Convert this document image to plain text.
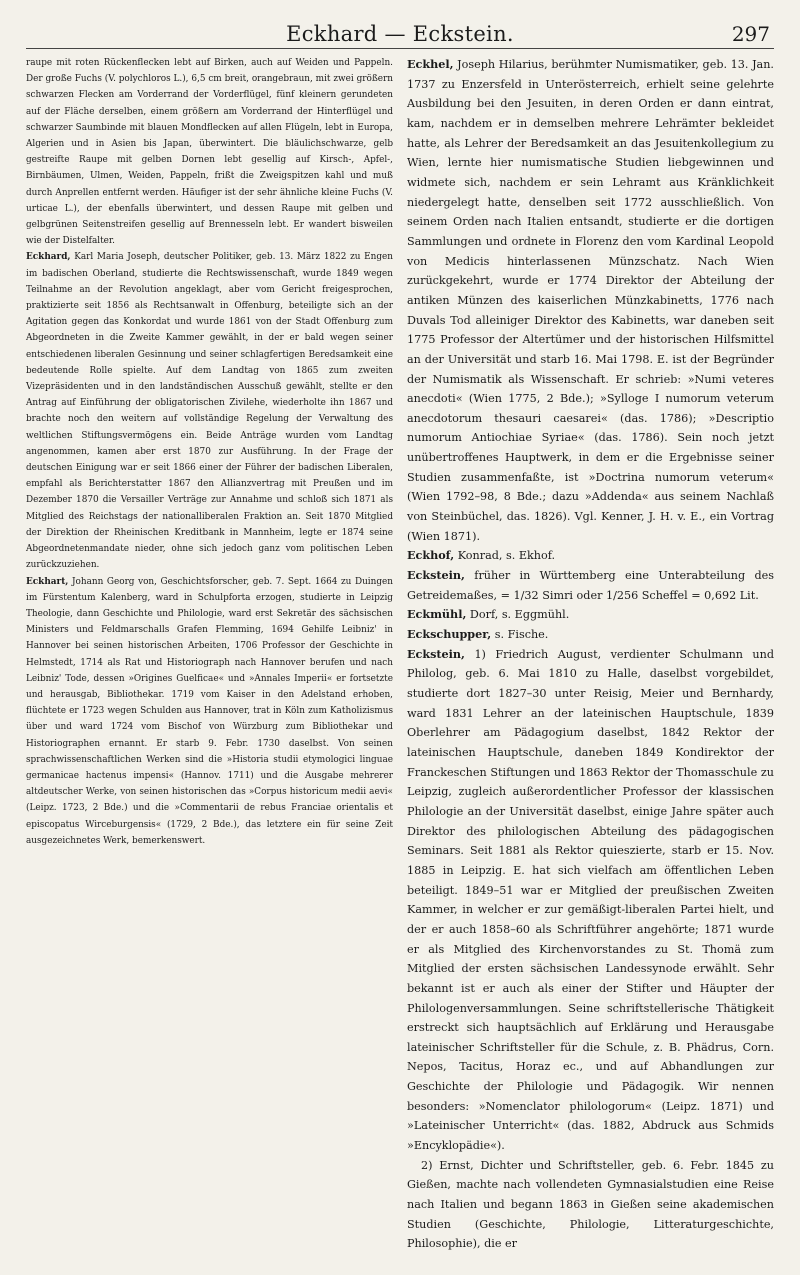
Eckhard — Eckstein.	297

raupe mit roten Rückenflecken lebt auf Birken, auch auf Weiden und Pappeln. Der große Fuchs (V. polychloros L.), 6,5 cm breit, orangebraun, mit zwei größern schwarzen Flecken am Vorderrand der Vorderflügel, fünf kleinern gerundeten auf der Fläche derselben, einem größern am Vorderrand der Hinterflügel und schwarzer Saumbinde mit blauen Mondflecken auf allen Flügeln, lebt in Europa, Algerien und in Asien bis Japan, überwintert. Die bläulichschwarze, gelb gestreifte Raupe mit gelben Dornen lebt gesellig auf Kirsch-, Apfel-, Birnbäumen, Ulmen, Weiden, Pappeln, frißt die Zweigspitzen kahl und muß durch Anprellen entfernt werden. Häufiger ist der sehr ähnliche kleine Fuchs (V. urticae L.), der ebenfalls überwintert, und dessen Raupe mit gelben und gelbgrünen Seitenstreifen gesellig auf Brennesseln lebt. Er wandert bisweilen wie der Distelfalter.

Eckhard, Karl Maria Joseph, deutscher Politiker, geb. 13. März 1822 zu Engen im badischen Oberland, studierte die Rechtswissenschaft, wurde 1849 wegen Teilnahme an der Revolution angeklagt, aber vom Gericht freigesprochen, praktizierte seit 1856 als Rechtsanwalt in Offenburg, beteiligte sich an der Agitation gegen das Konkordat und wurde 1861 von der Stadt Offenburg zum Abgeordneten in die Zweite Kammer gewählt, in der er bald wegen seiner entschiedenen liberalen Gesinnung und seiner schlagfertigen Beredsamkeit eine bedeutende Rolle spielte. Auf dem Landtag von 1865 zum zweiten Vizepräsidenten und in den landständischen Ausschuß gewählt, stellte er den Antrag auf Einführung der obligatorischen Zivilehe, wiederholte ihn 1867 und brachte noch den weitern auf vollständige Regelung der Verwaltung des weltlichen Stiftungsvermögens ein. Beide Anträge wurden vom Landtag angenommen, kamen aber erst 1870 zur Ausführung. In der Frage der deutschen Einigung war er seit 1866 einer der Führer der badischen Liberalen, empfahl als Berichterstatter 1867 den Allianzvertrag mit Preußen und im Dezember 1870 die Versailler Verträge zur Annahme und schloß sich 1871 als Mitglied des Reichstags der nationalliberalen Fraktion an. Seit 1870 Mitglied der Direktion der Rheinischen Kreditbank in Mannheim, legte er 1874 seine Abgeordnetenmandate nieder, ohne sich jedoch ganz vom politischen Leben zurückzuziehen.

Eckhart, Johann Georg von, Geschichtsforscher, geb. 7. Sept. 1664 zu Duingen im Fürstentum Kalenberg, ward in Schulpforta erzogen, studierte in Leipzig Theologie, dann Geschichte und Philologie, ward erst Sekretär des sächsischen Ministers und Feldmarschalls Grafen Flemming, 1694 Gehilfe Leibniz' in Hannover bei seinen historischen Arbeiten, 1706 Professor der Geschichte in Helmstedt, 1714 als Rat und Historiograph nach Hannover berufen und nach Leibniz' Tode, dessen »Origines Guelficae« und »Annales Imperii« er fortsetzte und herausgab, Bibliothekar. 1719 vom Kaiser in den Adelstand erhoben, flüchtete er 1723 wegen Schulden aus Hannover, trat in Köln zum Katholizismus über und ward 1724 vom Bischof von Würzburg zum Bibliothekar und Historiographen ernannt. Er starb 9. Febr. 1730 daselbst. Von seinen sprachwissenschaftlichen Werken sind die »Historia studii etymologici linguae germanicae hactenus impensi« (Hannov. 1711) und die Ausgabe mehrerer altdeutscher Werke, von seinen historischen das »Corpus historicum medii aevi« (Leipz. 1723, 2 Bde.) und die »Commentarii de rebus Franciae orientalis et episcopatus Wirceburgensis« (1729, 2 Bde.), das letztere ein für seine Zeit ausgezeichnetes Werk, bemerkenswert.

Eckhel, Joseph Hilarius, berühmter Numismatiker, geb. 13. Jan. 1737 zu Enzersfeld in Unterösterreich, erhielt seine gelehrte Ausbildung bei den Jesuiten, in deren Orden er dann eintrat, kam, nachdem er in demselben mehrere Lehrämter bekleidet hatte, als Lehrer der Beredsamkeit an das Jesuitenkollegium zu Wien, lernte hier numismatische Studien liebgewinnen und widmete sich, nachdem er sein Lehramt aus Kränklichkeit niedergelegt hatte, denselben seit 1772 ausschließlich. Von seinem Orden nach Italien entsandt, studierte er die dortigen Sammlungen und ordnete in Florenz den vom Kardinal Leopold von Medicis hinterlassenen Münzschatz. Nach Wien zurückgekehrt, wurde er 1774 Direktor der Abteilung der antiken Münzen des kaiserlichen Münzkabinetts, 1776 nach Duvals Tod alleiniger Direktor des Kabinetts, war daneben seit 1775 Professor der Altertümer und der historischen Hilfsmittel an der Universität und starb 16. Mai 1798. E. ist der Begründer der Numismatik als Wissenschaft. Er schrieb: »Numi veteres anecdoti« (Wien 1775, 2 Bde.); »Sylloge I numorum veterum anecdotorum thesauri caesarei« (das. 1786); »Descriptio numorum Antiochiae Syriae« (das. 1786). Sein noch jetzt unübertroffenes Hauptwerk, in dem er die Ergebnisse seiner Studien zusammenfaßte, ist »Doctrina numorum veterum« (Wien 1792–98, 8 Bde.; dazu »Addenda« aus seinem Nachlaß von Steinbüchel, das. 1826). Vgl. Kenner, J. H. v. E., ein Vortrag (Wien 1871).

Eckhof, Konrad, s. Ekhof.

Eckstein, früher in Württemberg eine Unterabteilung des Getreidemaßes, = 1/32 Simri oder 1/256 Scheffel = 0,692 Lit.

Eckmühl, Dorf, s. Eggmühl.

Eckschupper, s. Fische.

Eckstein, 1) Friedrich August, verdienter Schulmann und Philolog, geb. 6. Mai 1810 zu Halle, daselbst vorgebildet, studierte dort 1827–30 unter Reisig, Meier und Bernhardy, ward 1831 Lehrer an der lateinischen Hauptschule, 1839 Oberlehrer am Pädagogium daselbst, 1842 Rektor der lateinischen Hauptschule, daneben 1849 Kondirektor der Franckeschen Stiftungen und 1863 Rektor der Thomasschule zu Leipzig, zugleich außerordentlicher Professor der klassischen Philologie an der Universität daselbst, einige Jahre später auch Direktor des philologischen Abteilung des pädagogischen Seminars. Seit 1881 als Rektor quieszierte, starb er 15. Nov. 1885 in Leipzig. E. hat sich vielfach am öffentlichen Leben beteiligt. 1849–51 war er Mitglied der preußischen Zweiten Kammer, in welcher er zur gemäßigt-liberalen Partei hielt, und der er auch 1858–60 als Schriftführer angehörte; 1871 wurde er als Mitglied des Kirchenvorstandes zu St. Thomä zum Mitglied der ersten sächsischen Landessynode erwählt. Sehr bekannt ist er auch als einer der Stifter und Häupter der Philologenversammlungen. Seine schriftstellerische Thätigkeit erstreckt sich hauptsächlich auf Erklärung und Herausgabe lateinischer Schriftsteller für die Schule, z. B. Phädrus, Corn. Nepos, Tacitus, Horaz ec., und auf Abhandlungen zur Geschichte der Philologie und Pädagogik. Wir nennen besonders: »Nomenclator philologorum« (Leipz. 1871) und »Lateinischer Unterricht« (das. 1882, Abdruck aus Schmids »Encyklopädie«).

2) Ernst, Dichter und Schriftsteller, geb. 6. Febr. 1845 zu Gießen, machte nach vollendeten Gymnasialstudien eine Reise nach Italien und begann 1863 in Gießen seine akademischen Studien (Geschichte, Philologie, Litteraturgeschichte, Philosophie), die er
